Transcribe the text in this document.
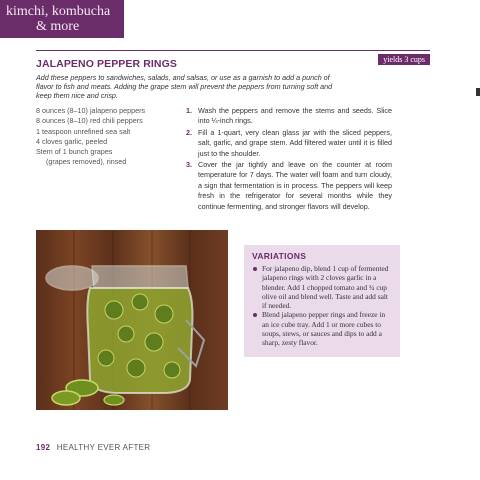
kimchi, kombucha
& more
yields 3 cups
JALAPENO PEPPER RINGS
Add these peppers to sandwiches, salads, and salsas, or use as a garnish to add a punch of flavor to fish and meats. Adding the grape stem will prevent the peppers from turning soft and keep them nice and crisp.
8 ounces (8–10) jalapeno peppers
8 ounces (8–10) red chili peppers
1 teaspoon unrefined sea salt
4 cloves garlic, peeled
Stem of 1 bunch grapes
(grapes removed), rinsed
1. Wash the peppers and remove the stems and seeds. Slice into ¼-inch rings.
2. Fill a 1-quart, very clean glass jar with the sliced peppers, salt, garlic, and grape stem. Add filtered water until it is filled just to the shoulder.
3. Cover the jar tightly and leave on the counter at room temperature for 7 days. The water will foam and turn cloudy, a sign that fermentation is in process. The peppers will keep fresh in the refrigerator for several months while they continue fermenting, and stronger flavors will develop.
VARIATIONS
For jalapeno dip, blend 1 cup of fermented jalapeno rings with 2 cloves garlic in a blender. Add 1 chopped tomato and ¾ cup olive oil and blend well. Taste and add salt if needed.
Blend jalapeno pepper rings and freeze in an ice cube tray. Add 1 or more cubes to soups, stews, or sauces and dips to add a sharp, zesty flavor.
192 HEALTHY EVER AFTER
